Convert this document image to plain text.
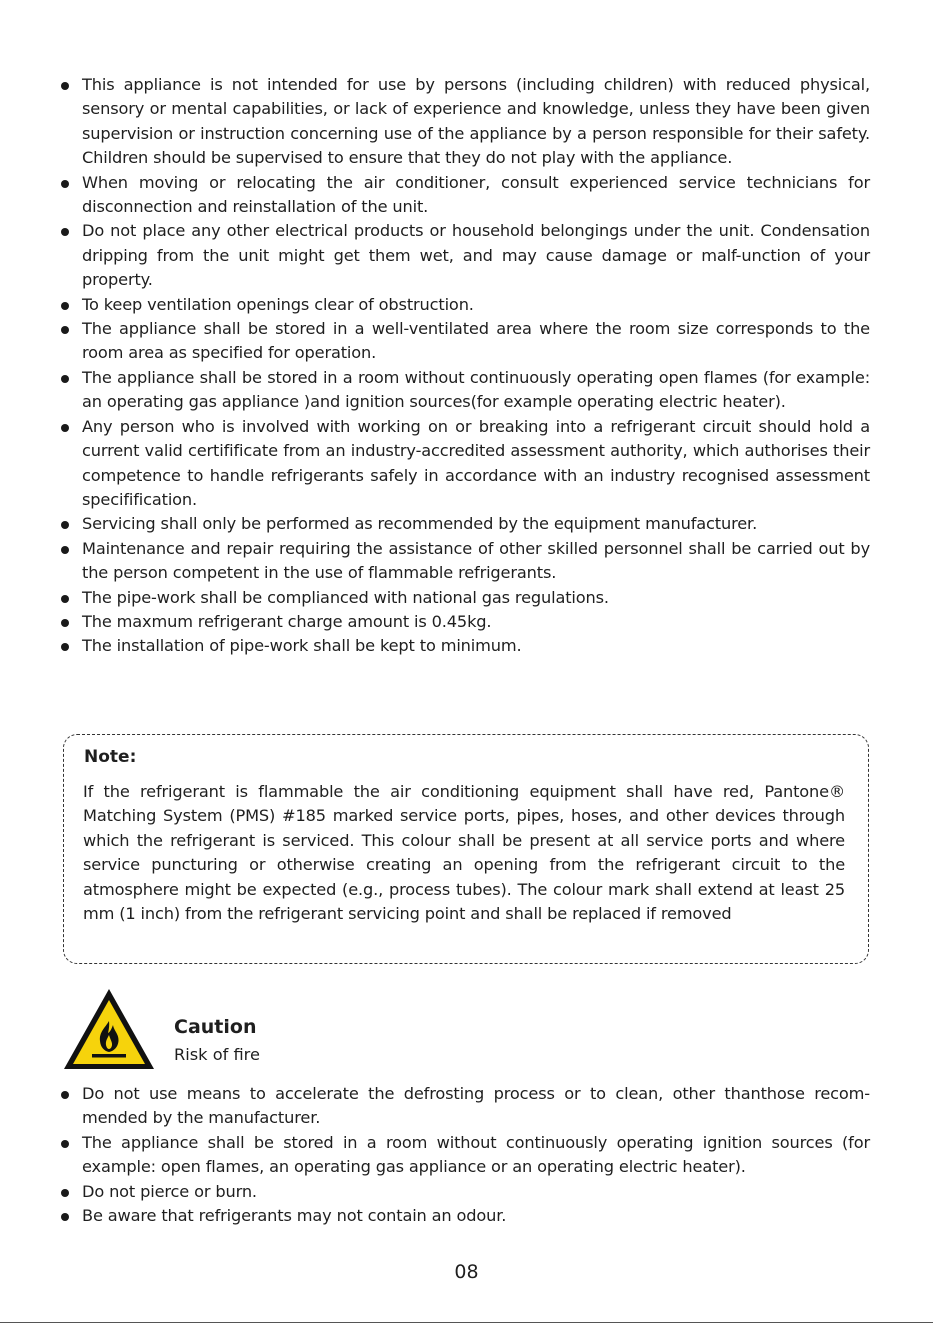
This appliance is not intended for use by persons (including children) with reduced physical, sensory or mental capabilities, or lack of experience and knowledge, unless they have been given supervision or instruction concerning use of the appliance by a person responsible for their safety. Children should be supervised to ensure that they do not play with the appliance.
When moving or relocating the air conditioner, consult experienced service technicians for disconnection and reinstallation of the unit.
Do not place any other electrical products or household belongings under the unit. Condensation dripping from the unit might get them wet, and may cause damage or malf-unction of your property.
To keep ventilation openings clear of obstruction.
The appliance shall be stored in a well-ventilated area where the room size corresponds to the room area as specified for operation.
The appliance shall be stored in a room without continuously operating open flames (for example: an operating gas appliance )and ignition sources(for example operating electric heater).
Any person who is involved with working on or breaking into a refrigerant circuit should hold a current valid certifificate from an industry-accredited assessment authority, which authorises their competence to handle refrigerants safely in accordance with an industry recognised assessment specifification.
Servicing shall only be performed as recommended by the equipment manufacturer.
Maintenance and repair requiring the assistance of other skilled personnel shall be carried out by the person competent in the use of flammable refrigerants.
The pipe-work shall be complianced with national gas regulations.
The maxmum refrigerant charge amount is 0.45kg.
The installation of pipe-work shall be kept to minimum.
Note:
If the refrigerant is flammable the air conditioning equipment shall have red, Pantone® Matching System (PMS) #185 marked service ports, pipes, hoses, and other devices through which the refrigerant is serviced. This colour shall be present at all service ports and where service puncturing or otherwise creating an opening from the refrigerant circuit to the atmosphere might be expected (e.g., process tubes). The colour mark shall extend at least 25 mm (1 inch) from the refrigerant servicing point and shall be replaced if removed
Caution
Risk of fire
Do not use means to accelerate the defrosting process or to clean, other thanthose recom-mended by the manufacturer.
The appliance shall be stored in a room without continuously operating ignition sources (for example: open flames, an operating gas appliance or an operating electric heater).
Do not pierce or burn.
Be aware that refrigerants may not contain an odour.
08
